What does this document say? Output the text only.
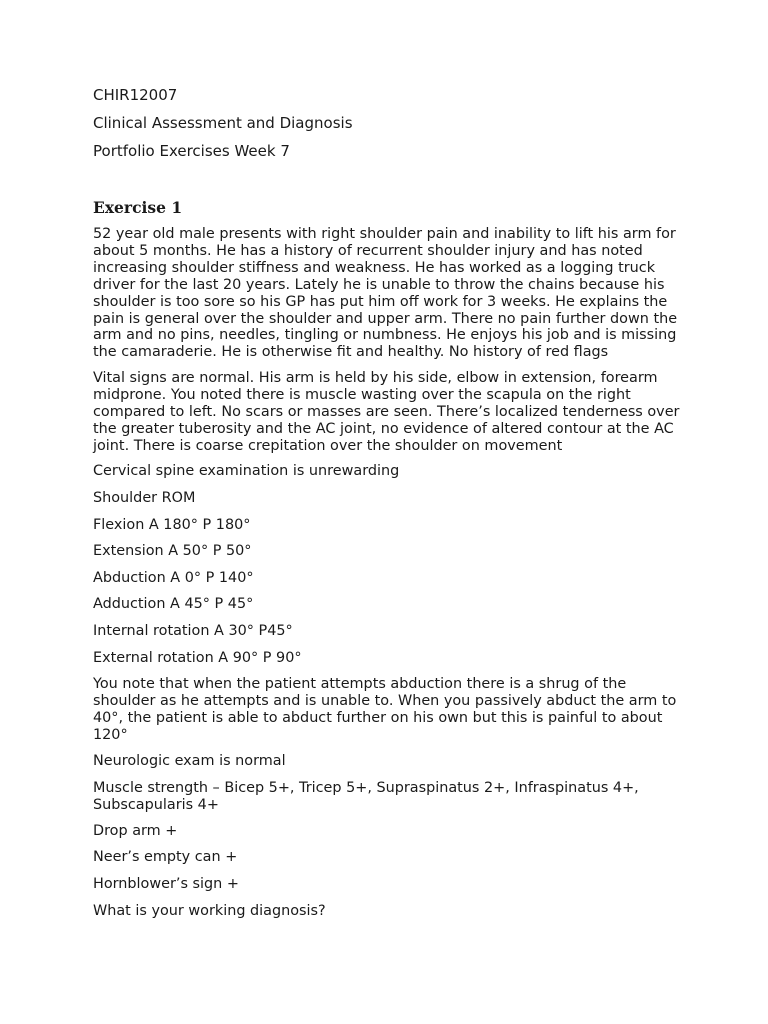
CHIR12007
Clinical Assessment and Diagnosis
Portfolio Exercises Week 7
Exercise 1

52 year old male presents with right shoulder pain and inability to lift his arm for about 5 months. He has a history of recurrent shoulder injury and has noted increasing shoulder stiffness and weakness. He has worked as a logging truck driver for the last 20 years. Lately he is unable to throw the chains because his shoulder is too sore so his GP has put him off work for 3 weeks. He explains the pain is general over the shoulder and upper arm. There no pain further down the arm and no pins, needles, tingling or numbness. He enjoys his job and is missing the camaraderie. He is otherwise fit and healthy. No history of red flags

Vital signs are normal. His arm is held by his side, elbow in extension, forearm midprone. You noted there is muscle wasting over the scapula on the right compared to left. No scars or masses are seen. There’s localized tenderness over the greater tuberosity and the AC joint, no evidence of altered contour at the AC joint. There is coarse crepitation over the shoulder on movement

Cervical spine examination is unrewarding
Shoulder ROM
Flexion A 180° P 180°
Extension A 50° P 50°
Abduction A 0° P 140°
Adduction A 45° P 45°
Internal rotation A 30° P45°
External rotation A 90° P 90°

You note that when the patient attempts abduction there is a shrug of the shoulder as he attempts and is unable to. When you passively abduct the arm to 40°, the patient is able to abduct further on his own but this is painful to about 120°

Neurologic exam is normal

Muscle strength – Bicep 5+, Tricep 5+, Supraspinatus 2+, Infraspinatus 4+, Subscapularis 4+

Drop arm +
Neer’s empty can +
Hornblower’s sign +
What is your working diagnosis?
